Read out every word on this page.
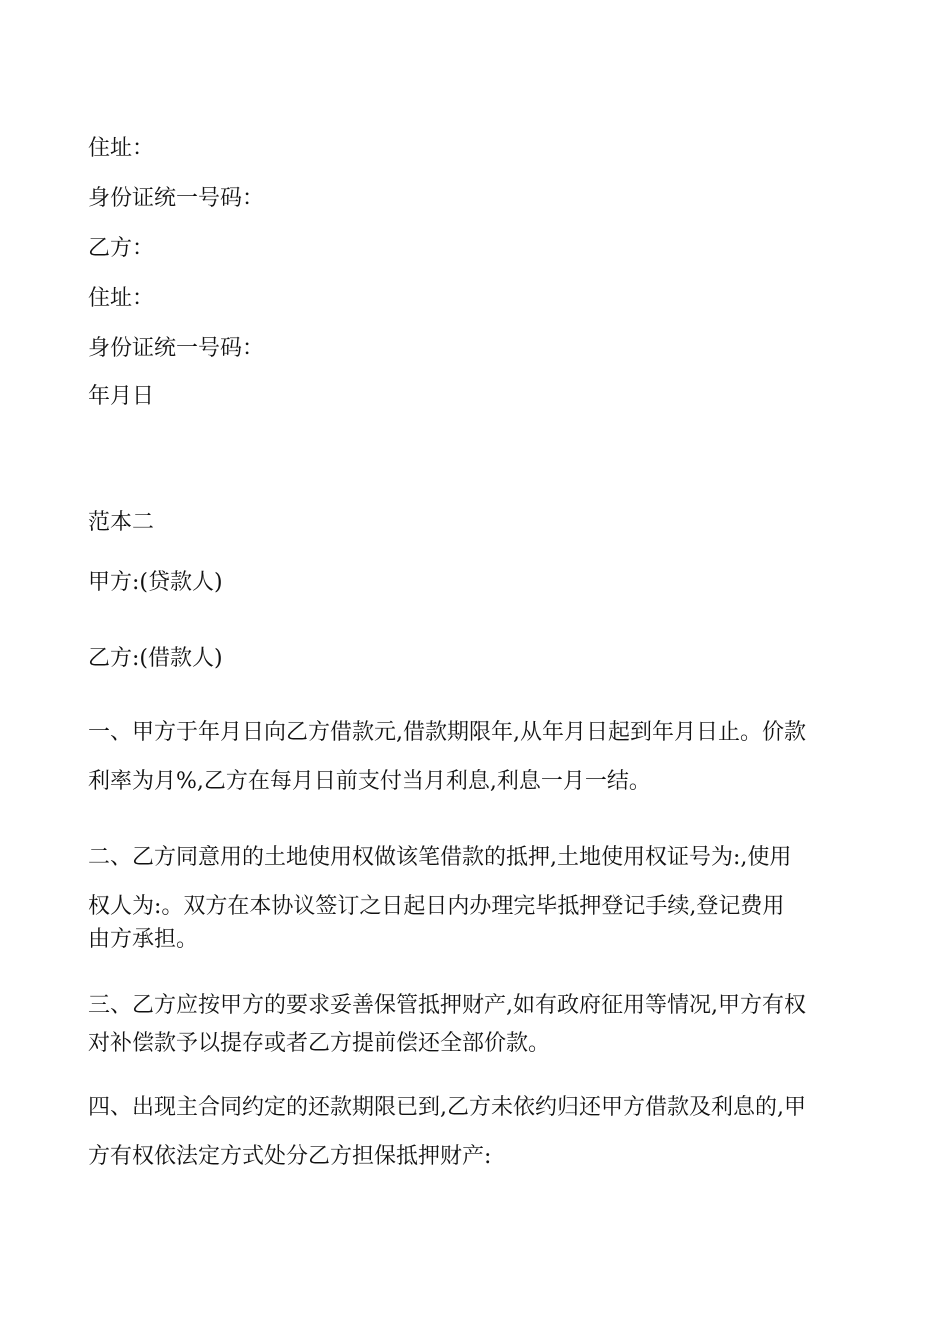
住址：
身份证统一号码：
乙方：
住址：
身份证统一号码：
年月日
范本二
甲方:(贷款人)
乙方:(借款人)
一、甲方于年月日向乙方借款元,借款期限年,从年月日起到年月日止。价款
利率为月%,乙方在每月日前支付当月利息,利息一月一结。
二、乙方同意用的土地使用权做该笔借款的抵押,土地使用权证号为:,使用
权人为:。双方在本协议签订之日起日内办理完毕抵押登记手续,登记费用
由方承担。
三、乙方应按甲方的要求妥善保管抵押财产,如有政府征用等情况,甲方有权
对补偿款予以提存或者乙方提前偿还全部价款。
四、出现主合同约定的还款期限已到,乙方未依约归还甲方借款及利息的,甲
方有权依法定方式处分乙方担保抵押财产:
